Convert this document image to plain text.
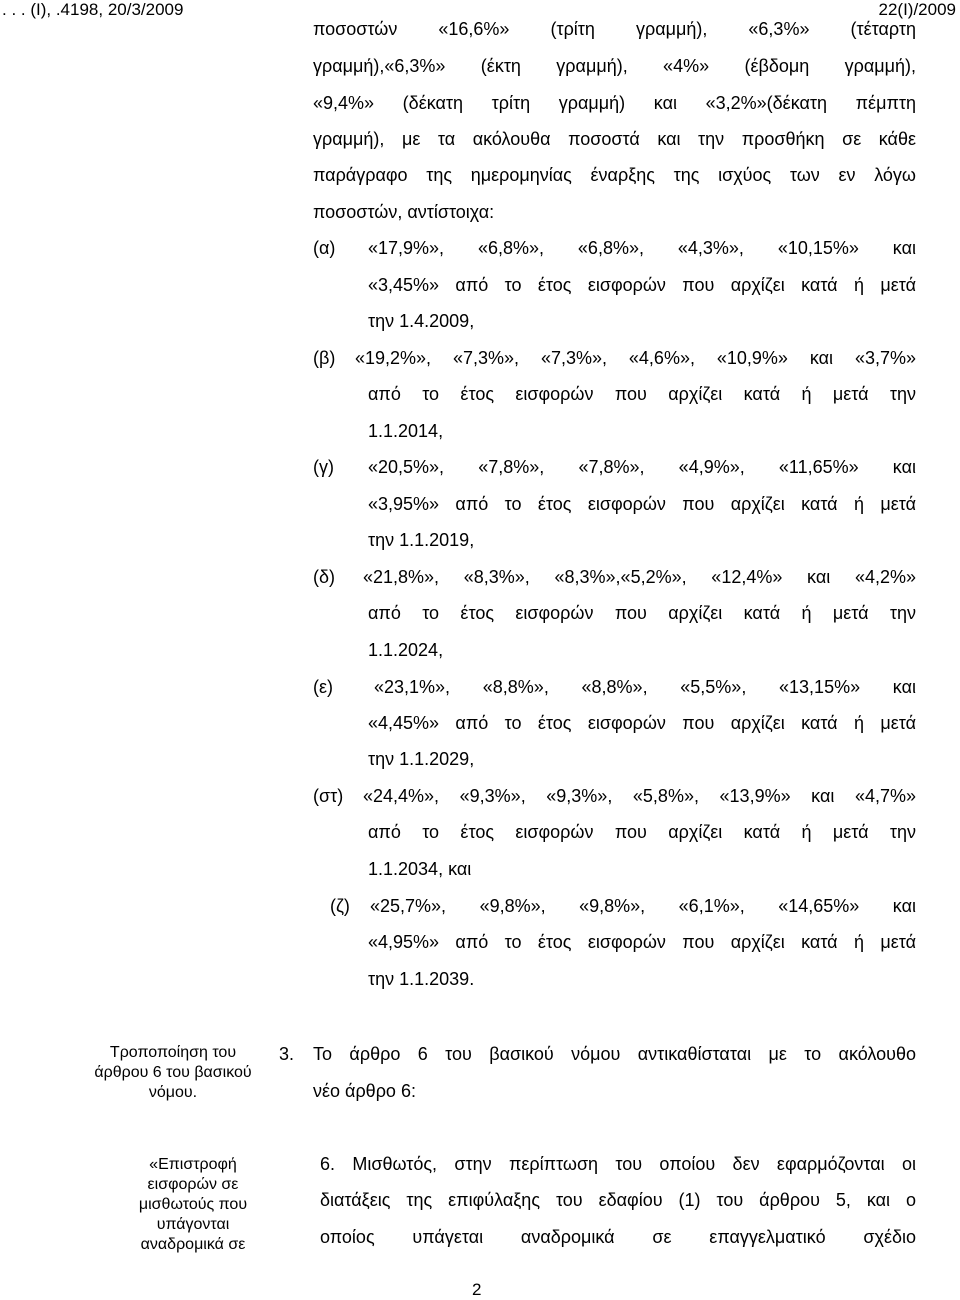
. . . (Ι), .4198, 20/3/2009	22(Ι)/2009
ποσοστών «16,6%» (τρίτη γραμμή), «6,3%» (τέταρτη
γραμμή),«6,3%» (έκτη γραμμή), «4%» (έβδομη γραμμή),
«9,4%» (δέκατη τρίτη γραμμή) και «3,2%»(δέκατη πέμπτη
γραμμή), με τα ακόλουθα ποσοστά και την προσθήκη σε κάθε
παράγραφο της ημερομηνίας έναρξης της ισχύος των εν λόγω
ποσοστών, αντίστοιχα:
(α) «17,9%», «6,8%», «6,8%», «4,3%», «10,15%» και
«3,45%» από το έτος εισφορών που αρχίζει κατά ή μετά
την 1.4.2009,
(β) «19,2%», «7,3%», «7,3%», «4,6%», «10,9%» και «3,7%»
από το έτος εισφορών που αρχίζει κατά ή μετά την
1.1.2014,
(γ) «20,5%», «7,8%», «7,8%», «4,9%», «11,65%» και
«3,95%» από το έτος εισφορών που αρχίζει κατά ή μετά
την 1.1.2019,
(δ) «21,8%», «8,3%», «8,3%»,«5,2%», «12,4%» και «4,2%»
από το έτος εισφορών που αρχίζει κατά ή μετά την
1.1.2024,
(ε) «23,1%», «8,8%», «8,8%», «5,5%», «13,15%» και
«4,45%» από το έτος εισφορών που αρχίζει κατά ή μετά
την 1.1.2029,
(στ) «24,4%», «9,3%», «9,3%», «5,8%», «13,9%» και «4,7%»
από το έτος εισφορών που αρχίζει κατά ή μετά την
1.1.2034, και
(ζ) «25,7%», «9,8%», «9,8%», «6,1%», «14,65%» και
«4,95%» από το έτος εισφορών που αρχίζει κατά ή μετά
την 1.1.2039.
Τροποποίηση του άρθρου 6 του βασικού νόμου.
3. Το άρθρο 6 του βασικού νόμου αντικαθίσταται με το ακόλουθο
νέο άρθρο 6:
«Επιστροφή εισφορών σε μισθωτούς που υπάγονται αναδρομικά σε
6. Μισθωτός, στην περίπτωση του οποίου δεν εφαρμόζονται οι
διατάξεις της επιφύλαξης του εδαφίου (1) του άρθρου 5, και ο
οποίος υπάγεται αναδρομικά σε επαγγελματικό σχέδιο
2
